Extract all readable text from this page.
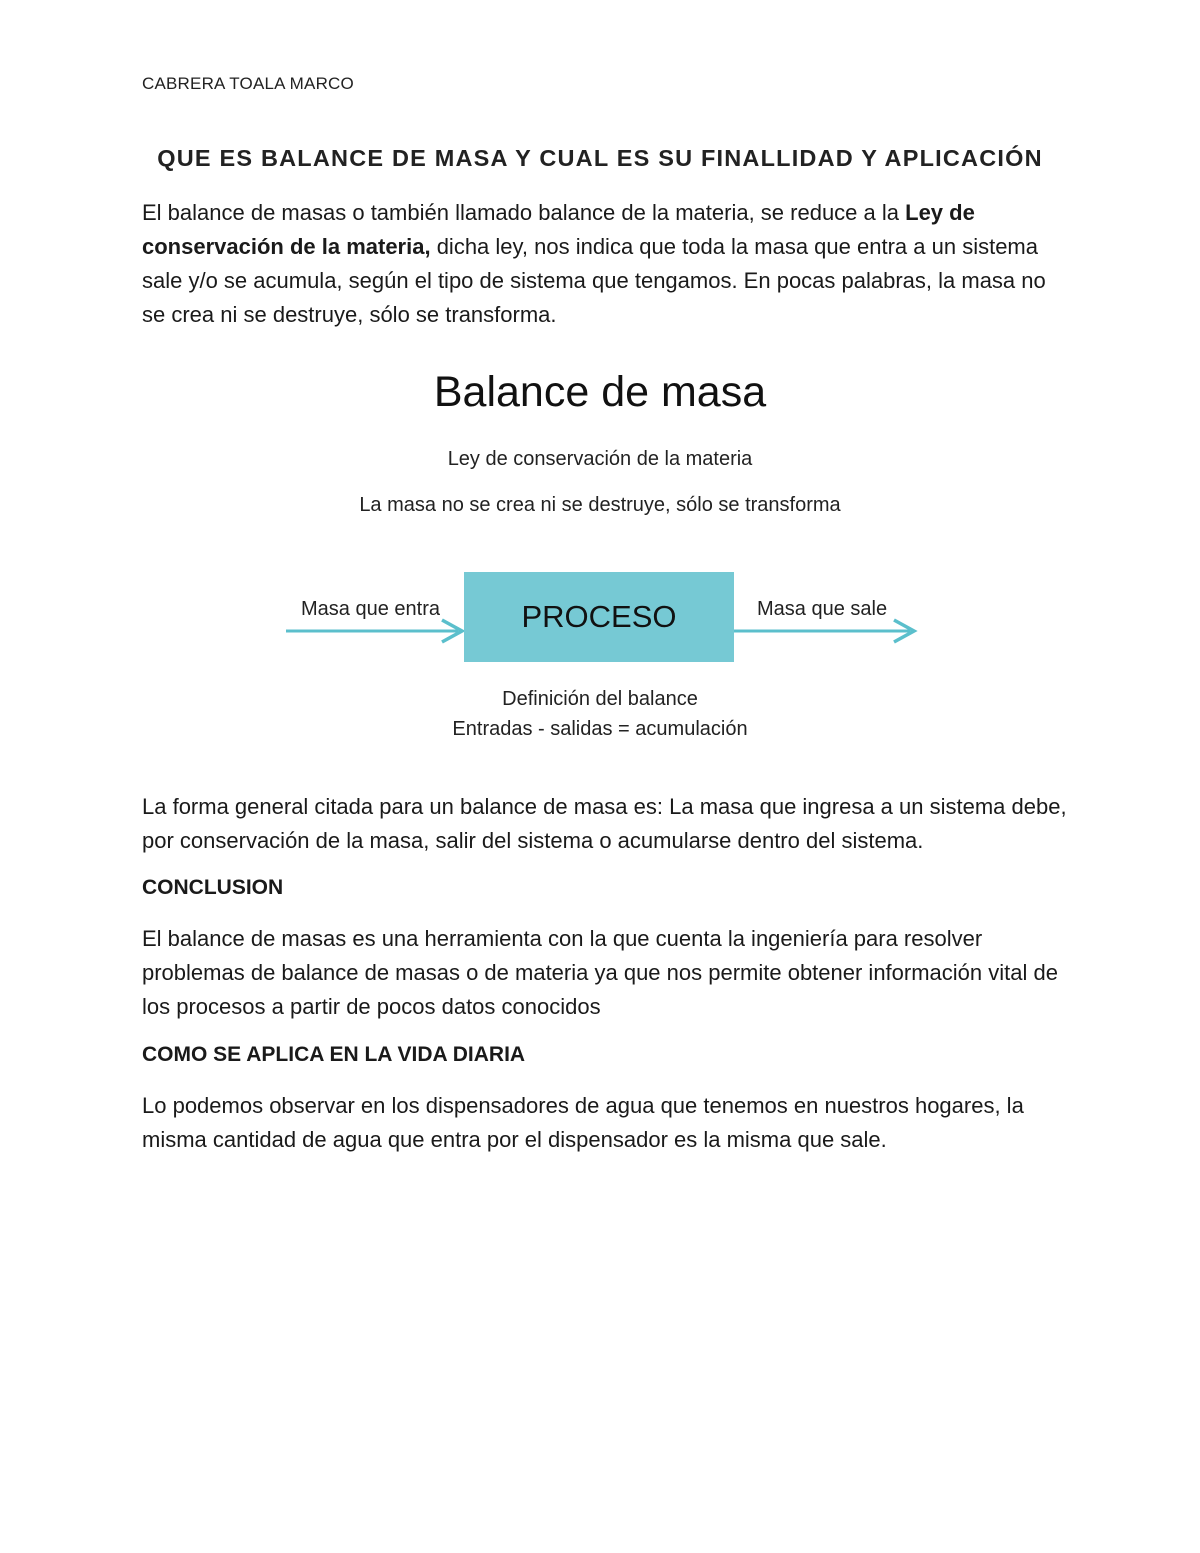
CABRERA TOALA MARCO
QUE ES BALANCE DE MASA Y CUAL ES SU FINALLIDAD Y APLICACIÓN
El balance de masas o también llamado balance de la materia, se reduce a la Ley de conservación de la materia, dicha ley, nos indica que toda la masa que entra a un sistema sale y/o se acumula, según el tipo de sistema que tengamos. En pocas palabras, la masa no se crea ni se destruye, sólo se transforma.
Balance de masa
Ley de conservación de la materia
La masa no se crea ni se destruye, sólo se transforma
Masa que entra	PROCESO	Masa que sale
Definición del balance
Entradas - salidas = acumulación
La forma general citada para un balance de masa es: La masa que ingresa a un sistema debe, por conservación de la masa, salir del sistema o acumularse dentro del sistema.
CONCLUSION
El balance de masas es una herramienta con la que cuenta la ingeniería para resolver problemas de balance de masas o de materia ya que nos permite obtener información vital de los procesos a partir de pocos datos conocidos
COMO SE APLICA EN LA VIDA DIARIA
Lo podemos observar en los dispensadores de agua que tenemos en nuestros hogares, la misma cantidad de agua que entra por el dispensador es la misma que sale.
